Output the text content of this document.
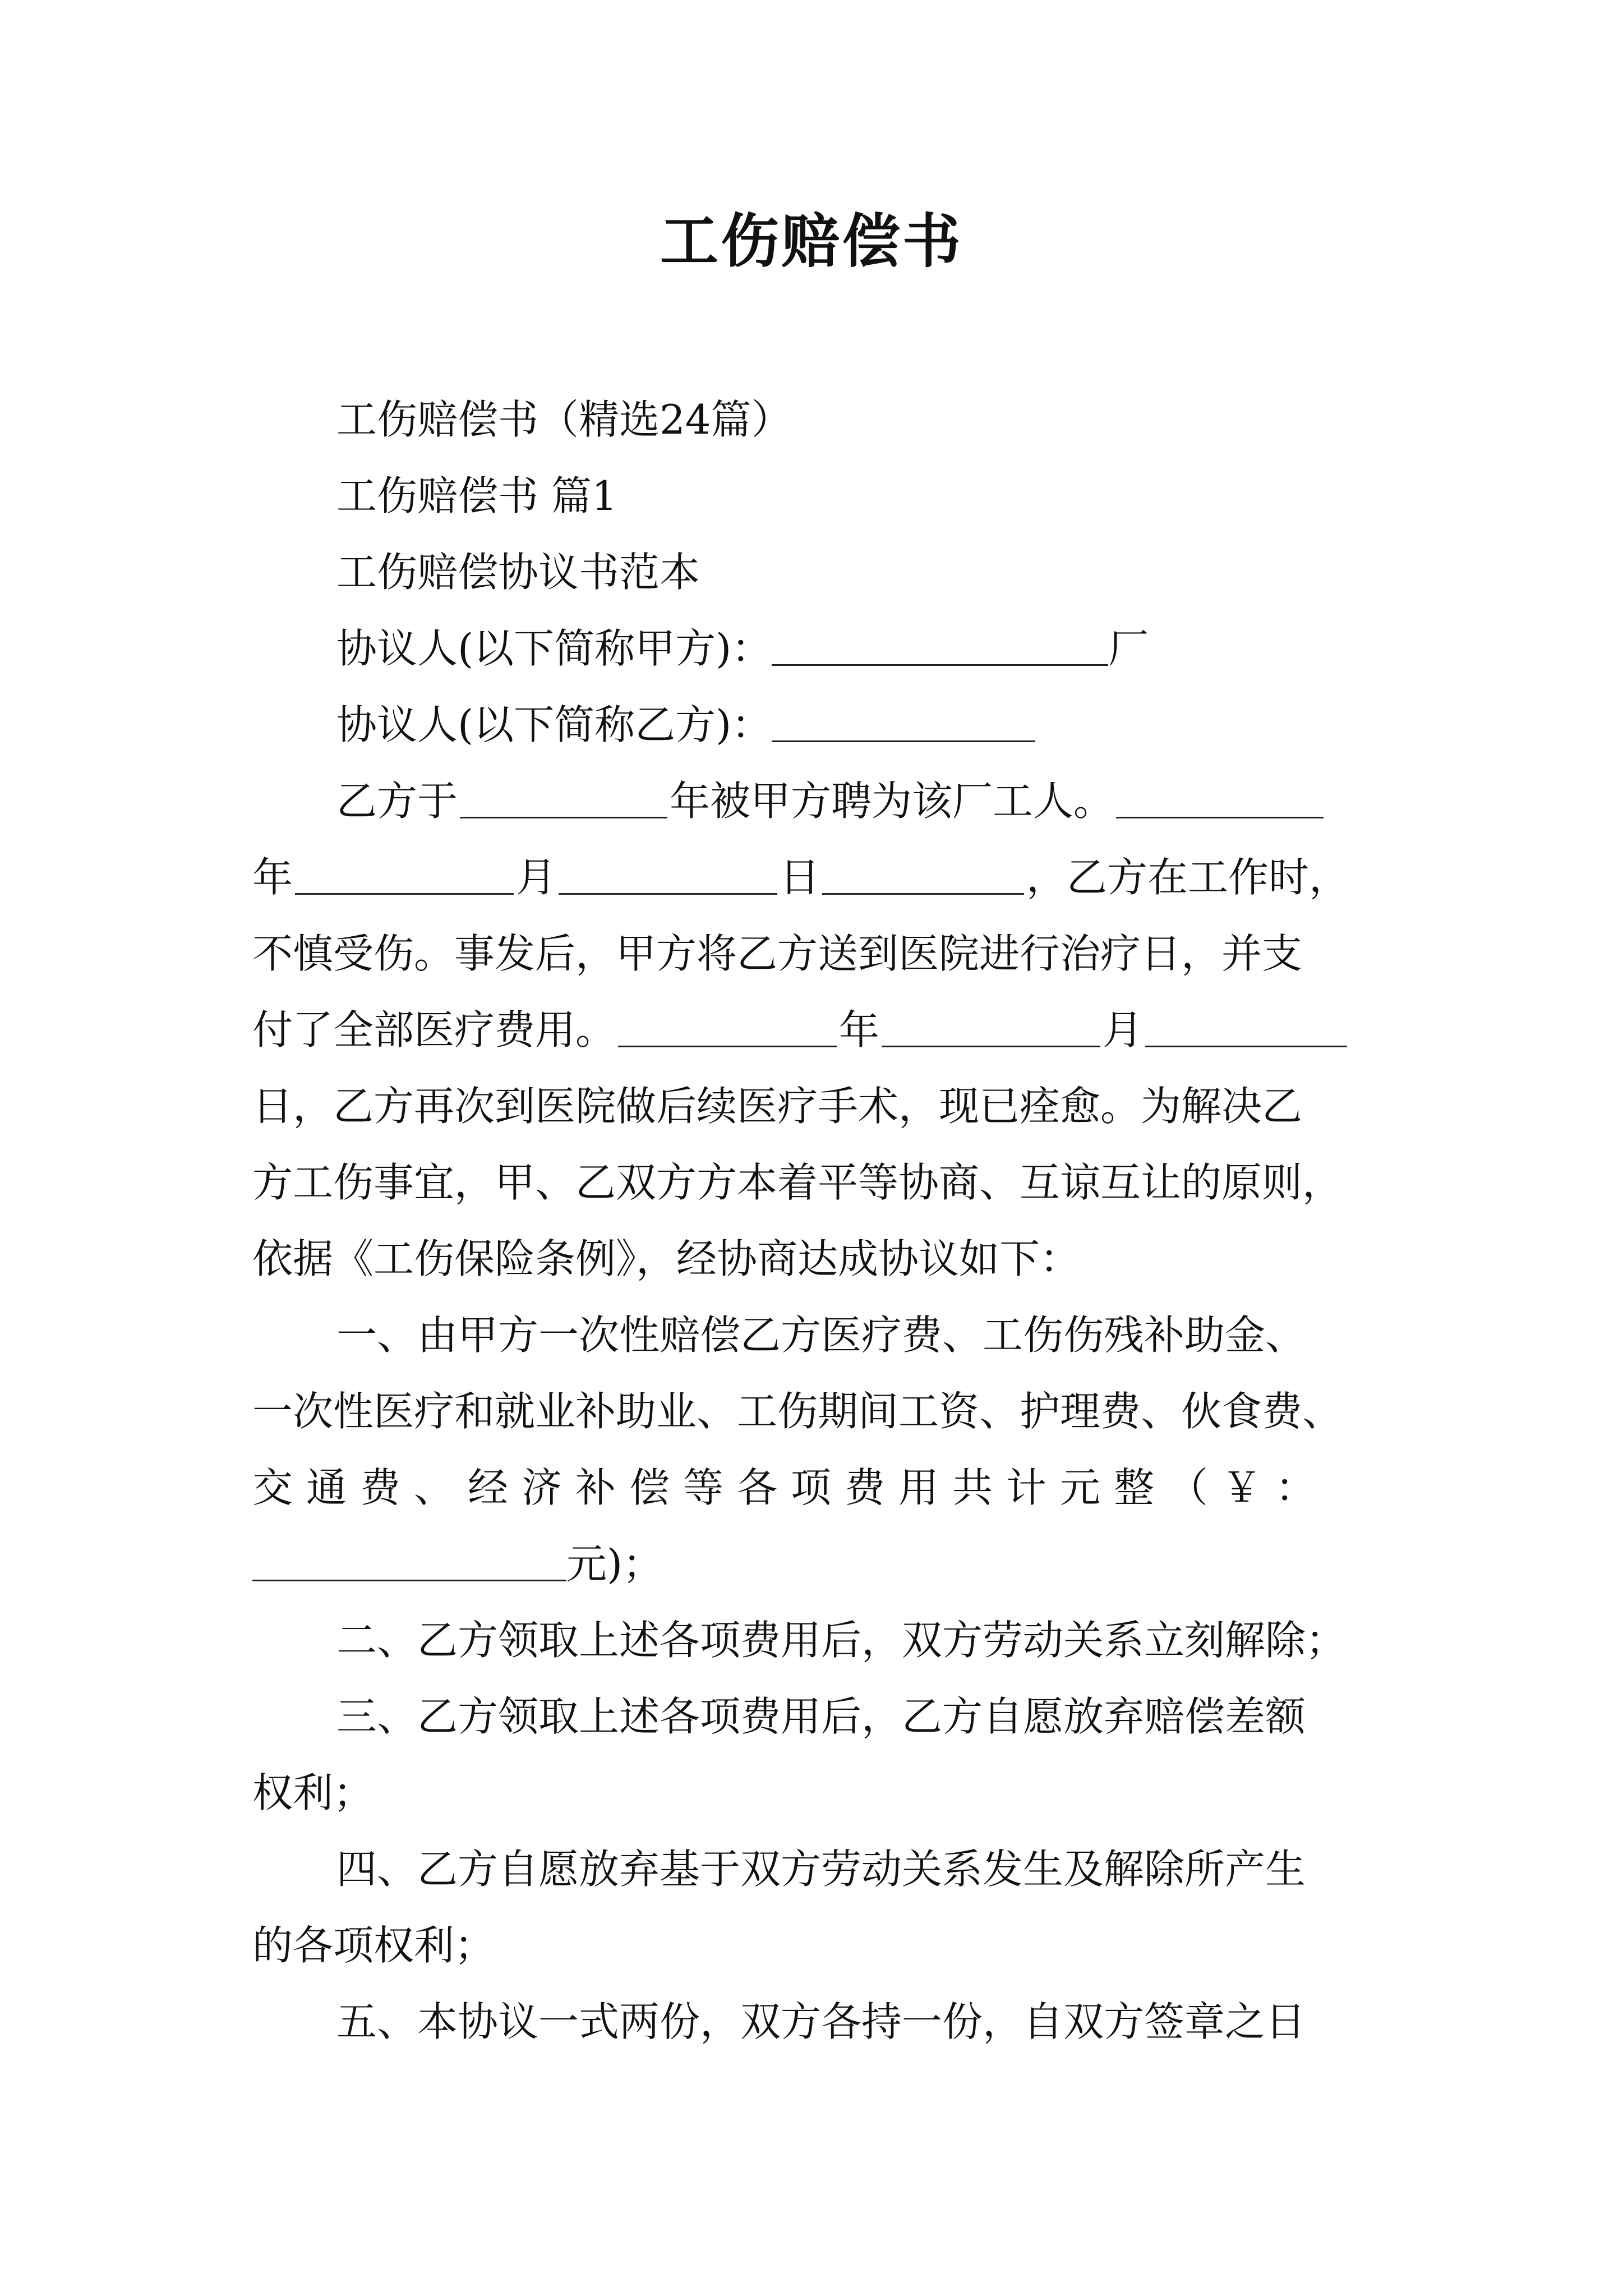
工伤赔偿书

工伤赔偿书（精选24篇）

工伤赔偿书 篇1

工伤赔偿协议书范本

协议人(以下简称甲方)：	厂

协议人(以下简称乙方)：

乙方于	年被甲方聘为该厂工人。

年	月	日	，乙方在工作时，

不慎受伤。事发后，甲方将乙方送到医院进行治疗日，并支

付了全部医疗费用。	年	月

日，乙方再次到医院做后续医疗手术，现已痊愈。为解决乙

方工伤事宜，甲、乙双方方本着平等协商、互谅互让的原则，

依据《工伤保险条例》，经协商达成协议如下：

一、由甲方一次性赔偿乙方医疗费、工伤伤残补助金、

一次性医疗和就业补助业、工伤期间工资、护理费、伙食费、

交通费、经济补偿等各项费用共计元整（￥：

元)；

二、乙方领取上述各项费用后，双方劳动关系立刻解除；

三、乙方领取上述各项费用后，乙方自愿放弃赔偿差额

权利；

四、乙方自愿放弃基于双方劳动关系发生及解除所产生

的各项权利；

五、本协议一式两份，双方各持一份，自双方签章之日
